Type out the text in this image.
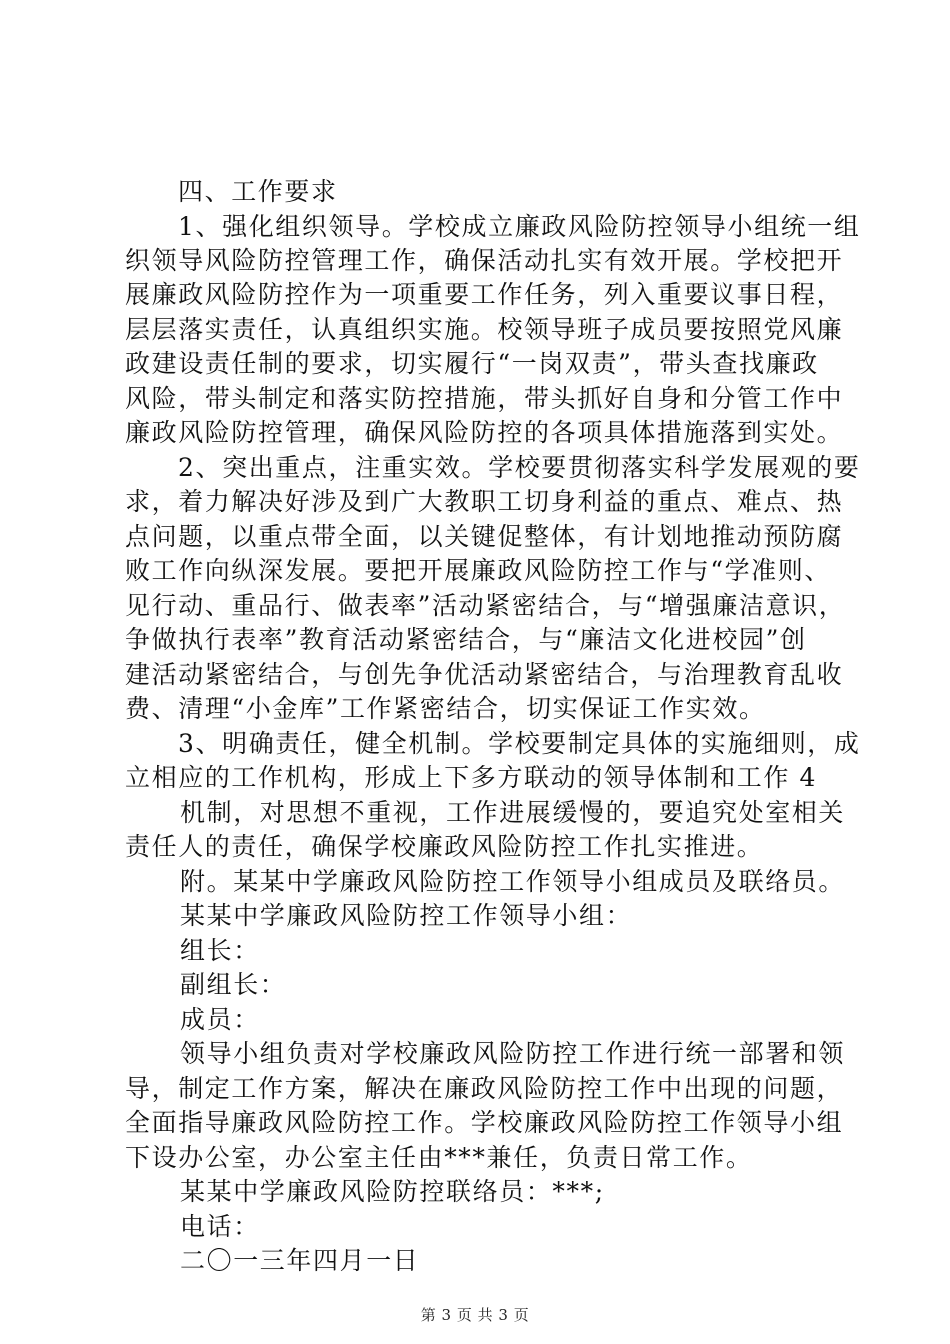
四、工作要求
1、强化组织领导。学校成立廉政风险防控领导小组统一组
织领导风险防控管理工作，确保活动扎实有效开展。学校把开
展廉政风险防控作为一项重要工作任务，列入重要议事日程，
层层落实责任，认真组织实施。校领导班子成员要按照党风廉
政建设责任制的要求，切实履行“一岗双责”，带头查找廉政
风险，带头制定和落实防控措施，带头抓好自身和分管工作中
廉政风险防控管理，确保风险防控的各项具体措施落到实处。
2、突出重点，注重实效。学校要贯彻落实科学发展观的要
求，着力解决好涉及到广大教职工切身利益的重点、难点、热
点问题，以重点带全面，以关键促整体，有计划地推动预防腐
败工作向纵深发展。要把开展廉政风险防控工作与“学准则、
见行动、重品行、做表率”活动紧密结合，与“增强廉洁意识，
争做执行表率”教育活动紧密结合，与“廉洁文化进校园”创
建活动紧密结合，与创先争优活动紧密结合，与治理教育乱收
费、清理“小金库”工作紧密结合，切实保证工作实效。
3、明确责任，健全机制。学校要制定具体的实施细则，成
立相应的工作机构，形成上下多方联动的领导体制和工作 4
机制，对思想不重视，工作进展缓慢的，要追究处室相关
责任人的责任，确保学校廉政风险防控工作扎实推进。
附。某某中学廉政风险防控工作领导小组成员及联络员。
某某中学廉政风险防控工作领导小组：
组长：
副组长：
成员：
领导小组负责对学校廉政风险防控工作进行统一部署和领
导，制定工作方案，解决在廉政风险防控工作中出现的问题，
全面指导廉政风险防控工作。学校廉政风险防控工作领导小组
下设办公室，办公室主任由***兼任，负责日常工作。
某某中学廉政风险防控联络员：***;
电话：
二〇一三年四月一日
第 3 页 共 3 页
